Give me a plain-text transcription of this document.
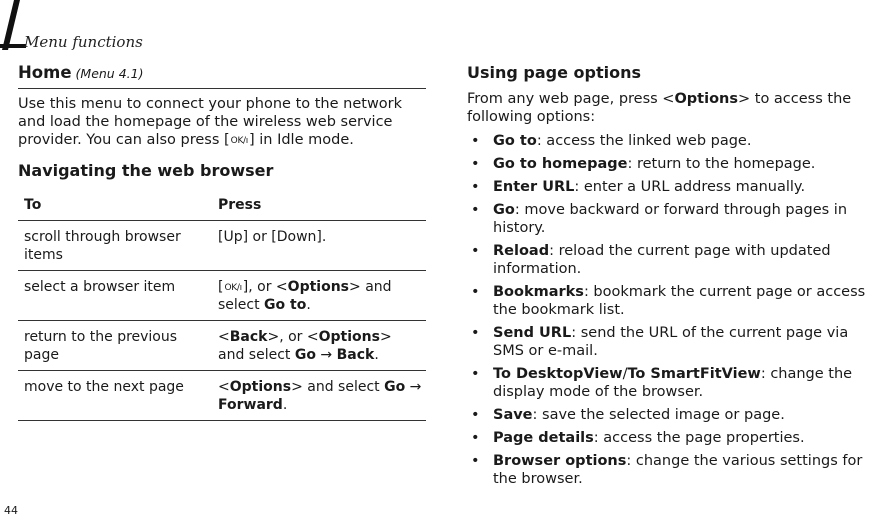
Menu functions
Home (Menu 4.1)

Use this menu to connect your phone to the network and load the homepage of the wireless web service provider. You can also press [OK/ı] in Idle mode.

Navigating the web browser
To	Press
scroll through browser items	[Up] or [Down].
select a browser item	[OK/ı], or <Options> and select Go to.
return to the previous page	<Back>, or <Options> and select Go → Back.
move to the next page	<Options> and select Go → Forward.
Using page options

From any web page, press <Options> to access the following options:

• Go to: access the linked web page.
• Go to homepage: return to the homepage.
• Enter URL: enter a URL address manually.
• Go: move backward or forward through pages in history.
• Reload: reload the current page with updated information.
• Bookmarks: bookmark the current page or access the bookmark list.
• Send URL: send the URL of the current page via SMS or e-mail.
• To DesktopView/To SmartFitView: change the display mode of the browser.
• Save: save the selected image or page.
• Page details: access the page properties.
• Browser options: change the various settings for the browser.
44
